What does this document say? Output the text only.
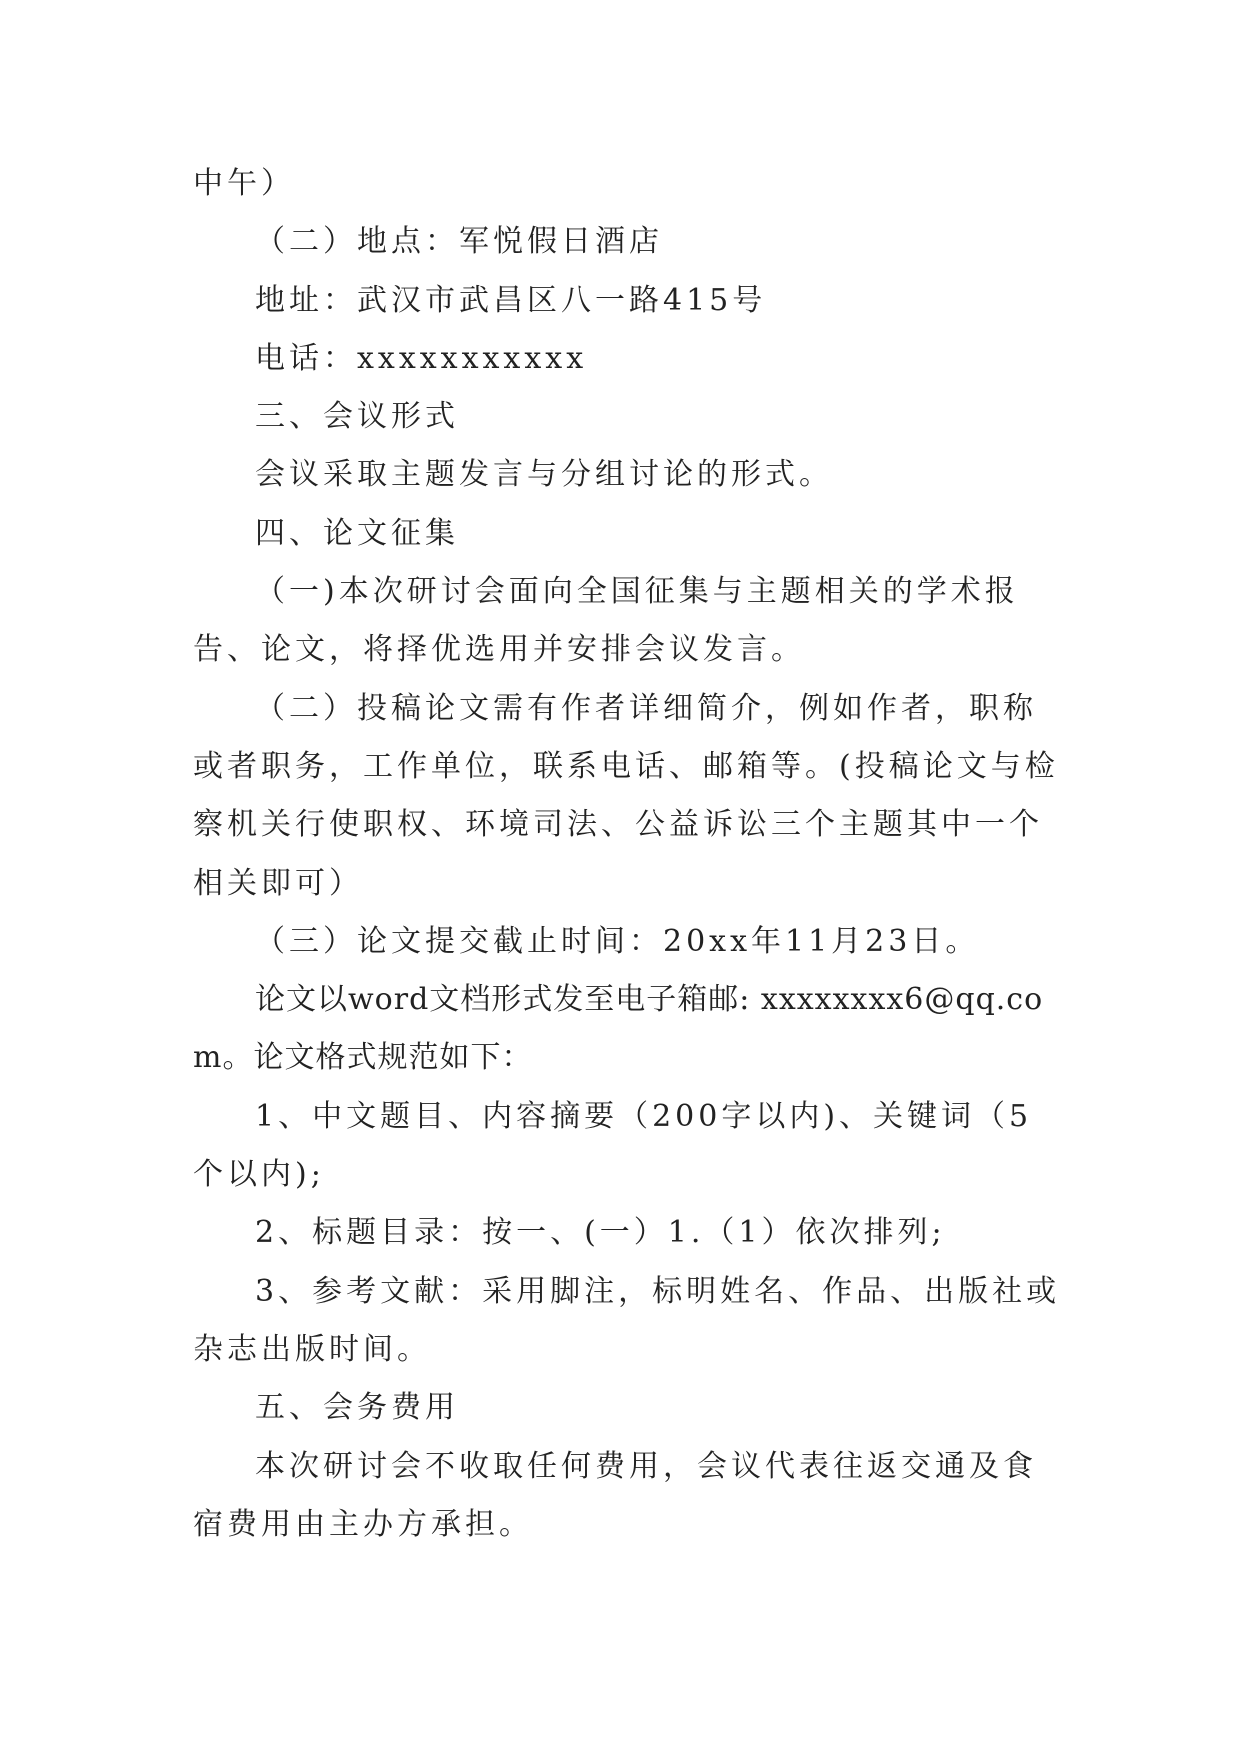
中午）

（二）地点：军悦假日酒店

地址：武汉市武昌区八一路415号

电话：xxxxxxxxxxx

三、会议形式

会议采取主题发言与分组讨论的形式。

四、论文征集

（一)本次研讨会面向全国征集与主题相关的学术报告、论文，将择优选用并安排会议发言。

（二）投稿论文需有作者详细简介，例如作者，职称或者职务，工作单位，联系电话、邮箱等。(投稿论文与检察机关行使职权、环境司法、公益诉讼三个主题其中一个相关即可）

（三）论文提交截止时间：20xx年11月23日。

论文以word文档形式发至电子箱邮: xxxxxxxx6@qq.com。论文格式规范如下：

1、中文题目、内容摘要（200字以内)、关键词（5个以内);

2、标题目录：按一、(一）1.（1）依次排列;

3、参考文献：采用脚注，标明姓名、作品、出版社或杂志出版时间。

五、会务费用

本次研讨会不收取任何费用，会议代表往返交通及食宿费用由主办方承担。
